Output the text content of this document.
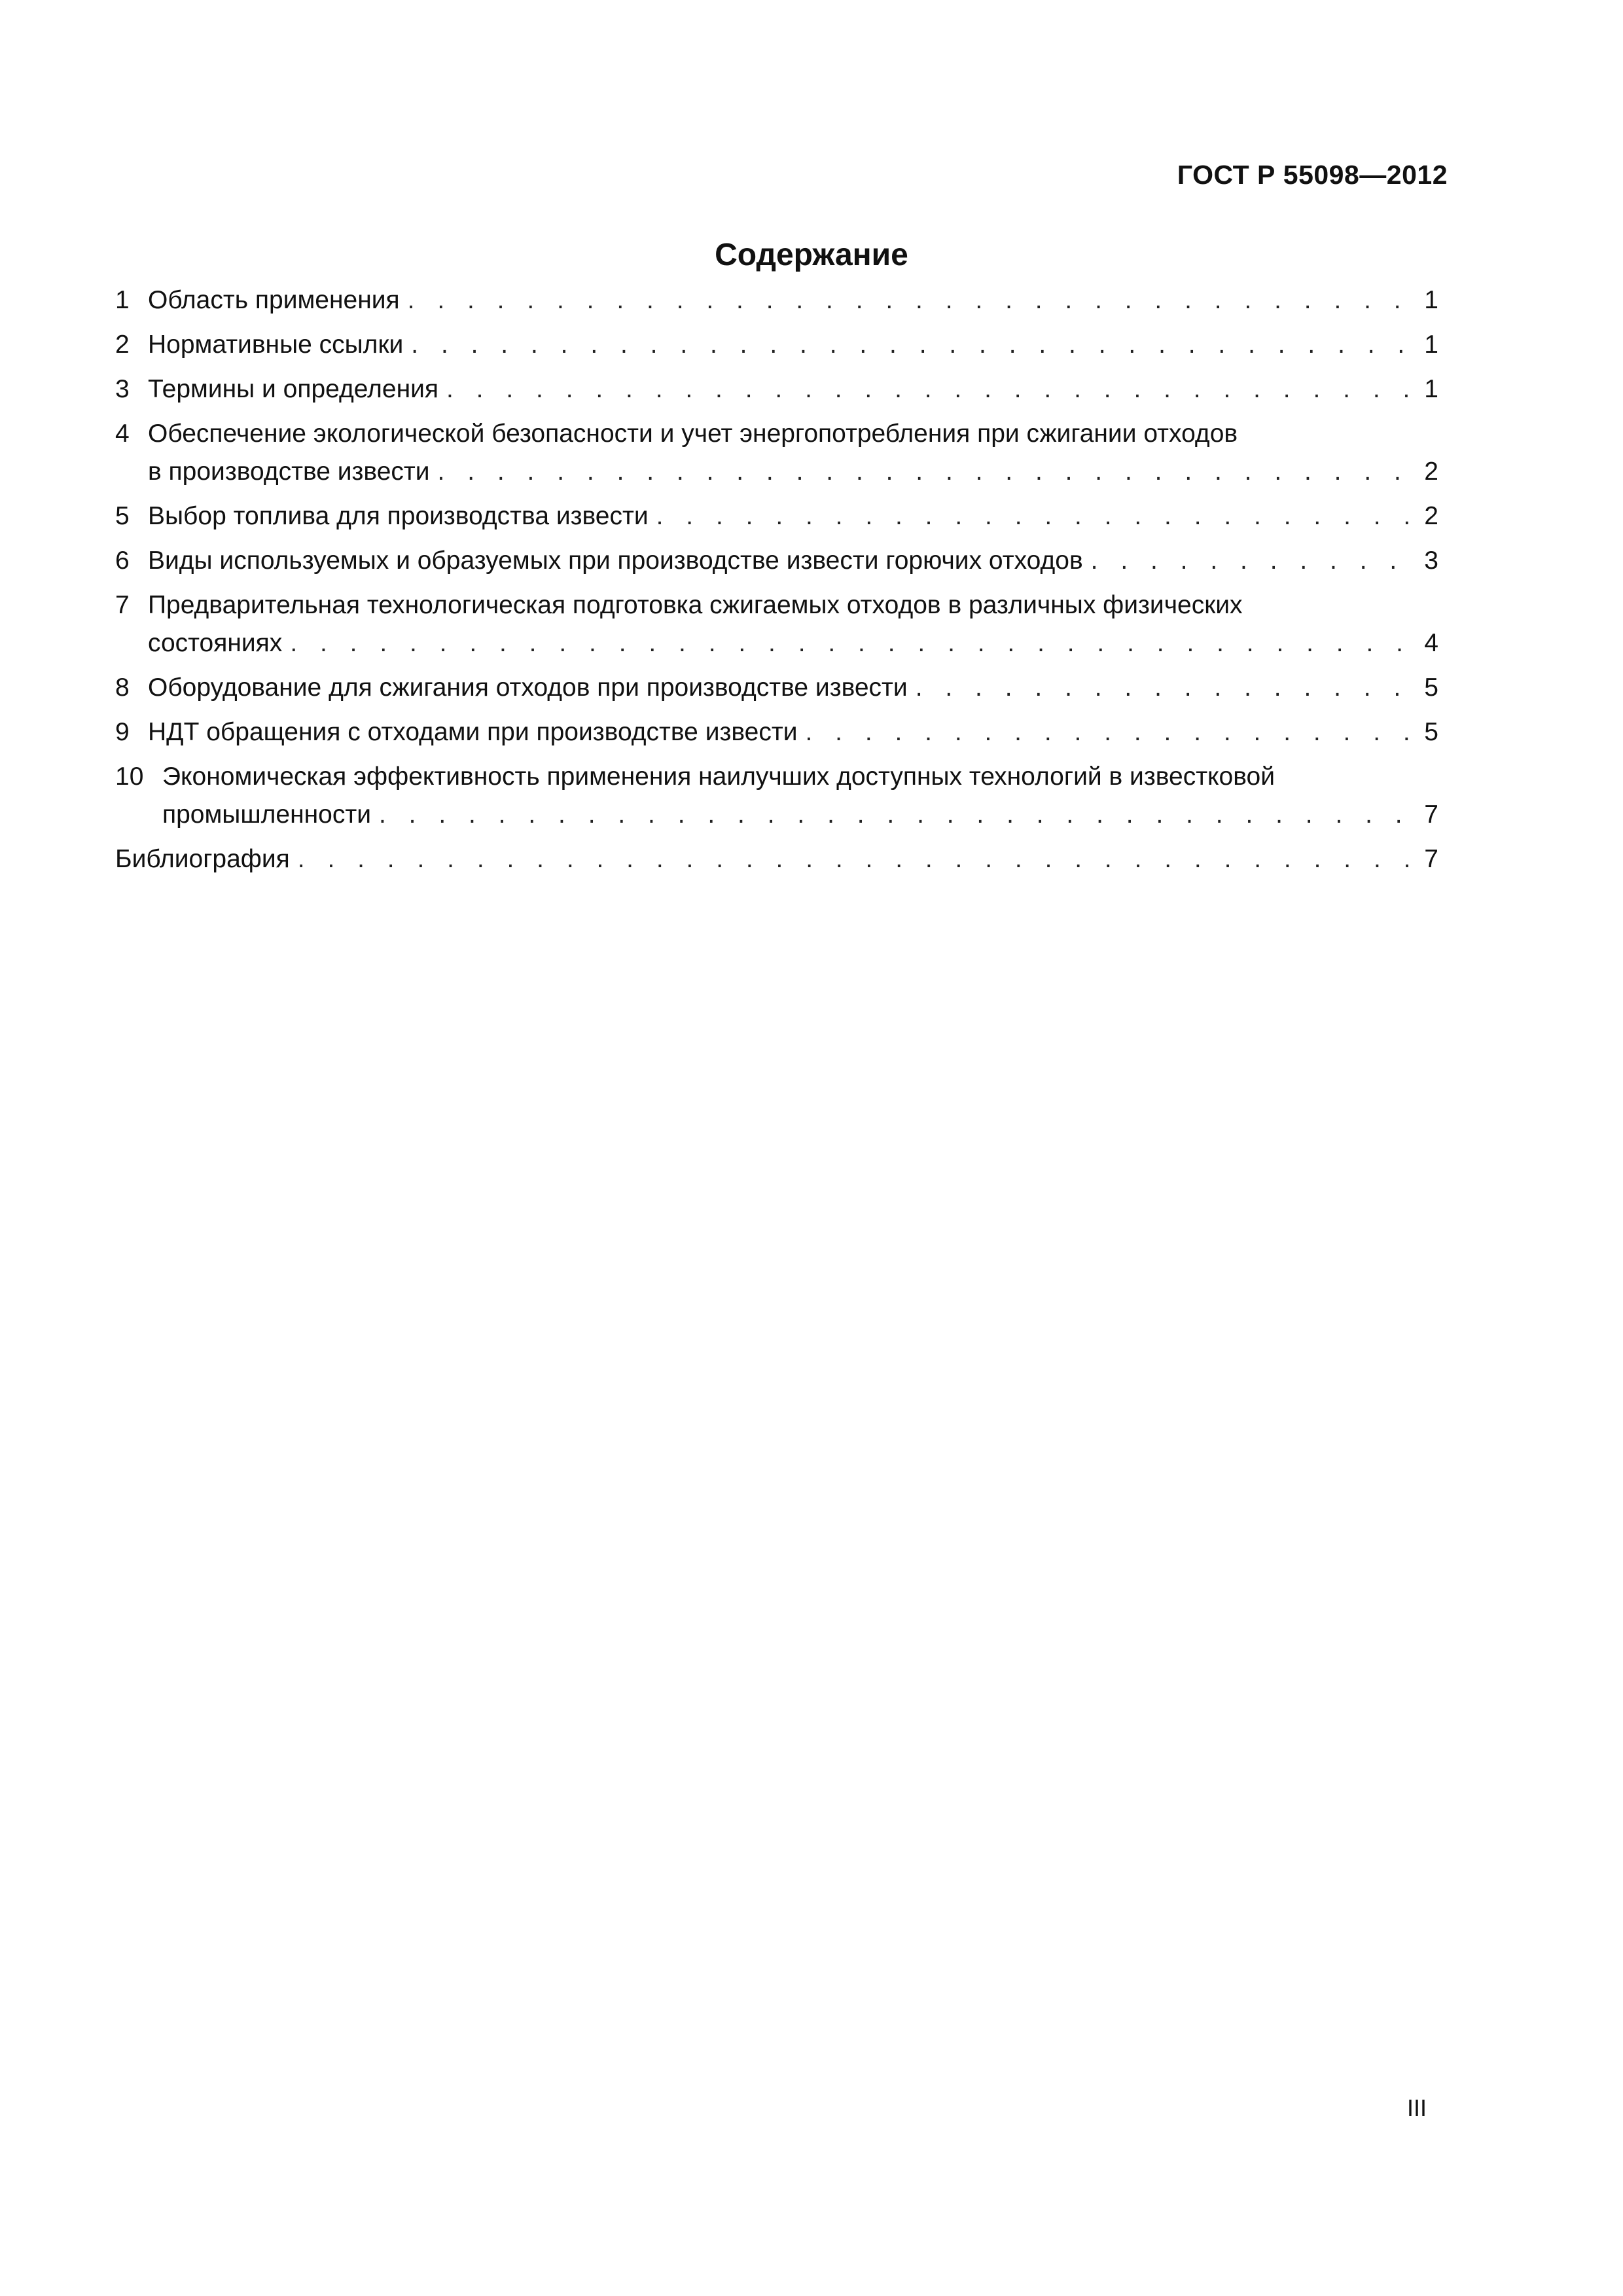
ГОСТ Р 55098—2012
Содержание
1 Область применения . . .	1
2 Нормативные ссылки . . .	1
3 Термины и определения . . .	1
4 Обеспечение экологической безопасности и учет энергопотребления при сжигании отходов
в производстве извести . . .	2
5 Выбор топлива для производства извести . . .	2
6 Виды используемых и образуемых при производстве извести горючих отходов . . .	3
7 Предварительная технологическая подготовка сжигаемых отходов в различных физических
состояниях . . .	4
8 Оборудование для сжигания отходов при производстве извести . . .	5
9 НДТ обращения с отходами при производстве извести . . .	5
10 Экономическая эффективность применения наилучших доступных технологий в известковой
промышленности . . .	7
Библиография . . .	7
III
